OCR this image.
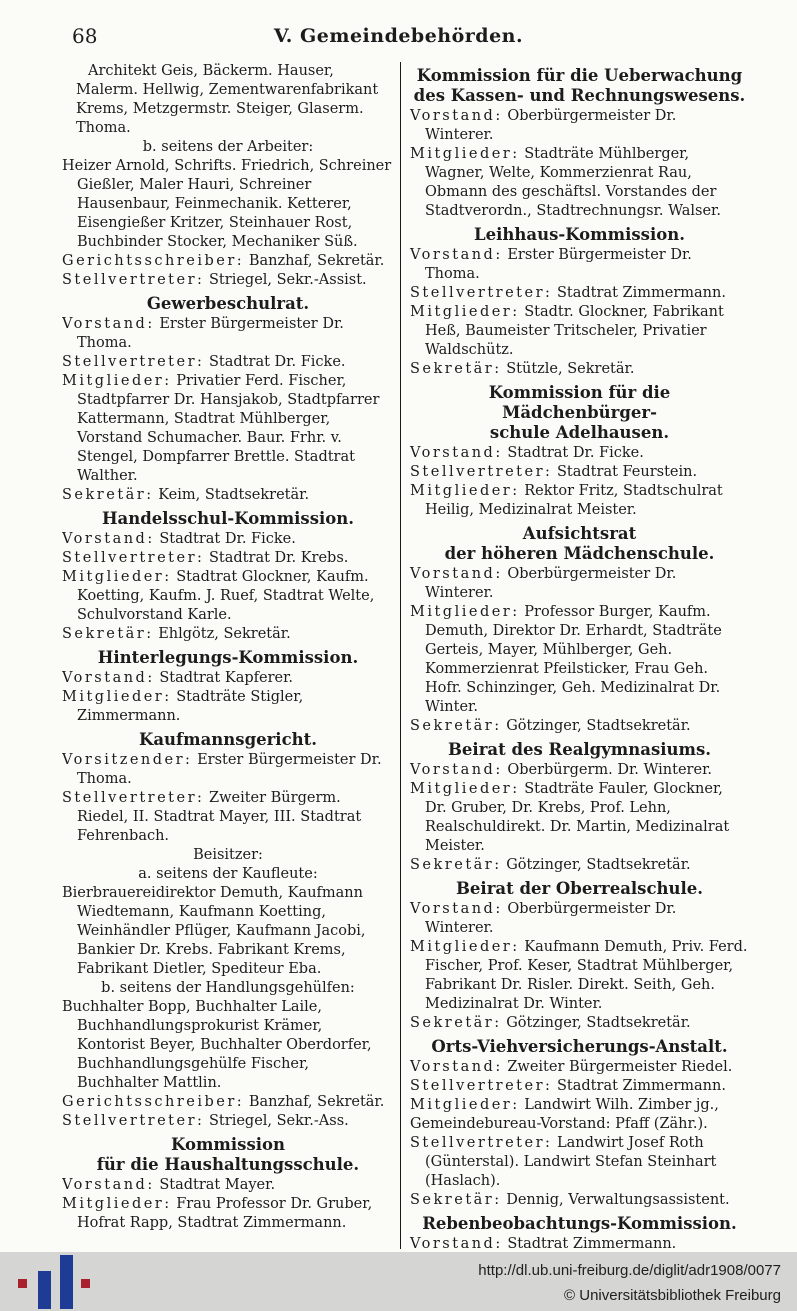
68	V. Gemeindebehörden.

Architekt Geis, Bäckerm. Hauser, Malerm. Hellwig, Zementwarenfabrikant Krems, Metzgermstr. Steiger, Glaserm. Thoma.

b. seitens der Arbeiter:

Heizer Arnold, Schrifts. Friedrich, Schreiner Gießler, Maler Hauri, Schreiner Hausenbaur, Feinmechanik. Ketterer, Eisengießer Kritzer, Steinhauer Rost, Buchbinder Stocker, Mechaniker Süß.

Gerichtsschreiber: Banzhaf, Sekretär.

Stellvertreter: Striegel, Sekr.-Assist.

Gewerbeschulrat.

Vorstand: Erster Bürgermeister Dr. Thoma.

Stellvertreter: Stadtrat Dr. Ficke.

Mitglieder: Privatier Ferd. Fischer, Stadtpfarrer Dr. Hansjakob, Stadtpfarrer Kattermann, Stadtrat Mühlberger, Vorstand Schumacher. Baur. Frhr. v. Stengel, Dompfarrer Brettle. Stadtrat Walther.

Sekretär: Keim, Stadtsekretär.

Handelsschul-Kommission.

Vorstand: Stadtrat Dr. Ficke.

Stellvertreter: Stadtrat Dr. Krebs.

Mitglieder: Stadtrat Glockner, Kaufm. Koetting, Kaufm. J. Ruef, Stadtrat Welte, Schulvorstand Karle.

Sekretär: Ehlgötz, Sekretär.

Hinterlegungs-Kommission.

Vorstand: Stadtrat Kapferer.

Mitglieder: Stadträte Stigler, Zimmermann.

Kaufmannsgericht.

Vorsitzender: Erster Bürgermeister Dr. Thoma.

Stellvertreter: Zweiter Bürgerm. Riedel, II. Stadtrat Mayer, III. Stadtrat Fehrenbach.

Beisitzer:
a. seitens der Kaufleute:

Bierbrauereidirektor Demuth, Kaufmann Wiedtemann, Kaufmann Koetting, Weinhändler Pflüger, Kaufmann Jacobi, Bankier Dr. Krebs. Fabrikant Krems, Fabrikant Dietler, Spediteur Eba.

b. seitens der Handlungsgehülfen:

Buchhalter Bopp, Buchhalter Laile, Buchhandlungsprokurist Krämer, Kontorist Beyer, Buchhalter Oberdorfer, Buchhandlungsgehülfe Fischer, Buchhalter Mattlin.

Gerichtsschreiber: Banzhaf, Sekretär.

Stellvertreter: Striegel, Sekr.-Ass.

Kommission
für die Haushaltungsschule.

Vorstand: Stadtrat Mayer.

Mitglieder: Frau Professor Dr. Gruber, Hofrat Rapp, Stadtrat Zimmermann.

Kommission für die Ueberwachung
des Kassen- und Rechnungswesens.

Vorstand: Oberbürgermeister Dr. Winterer.

Mitglieder: Stadträte Mühlberger, Wagner, Welte, Kommerzienrat Rau, Obmann des geschäftsl. Vorstandes der Stadtverordn., Stadtrechnungsr. Walser.

Leihhaus-Kommission.

Vorstand: Erster Bürgermeister Dr. Thoma.

Stellvertreter: Stadtrat Zimmermann.

Mitglieder: Stadtr. Glockner, Fabrikant Heß, Baumeister Tritscheler, Privatier Waldschütz.

Sekretär: Stützle, Sekretär.

Kommission für die Mädchenbürger-
schule Adelhausen.

Vorstand: Stadtrat Dr. Ficke.

Stellvertreter: Stadtrat Feurstein.

Mitglieder: Rektor Fritz, Stadtschulrat Heilig, Medizinalrat Meister.

Aufsichtsrat
der höheren Mädchenschule.

Vorstand: Oberbürgermeister Dr. Winterer.

Mitglieder: Professor Burger, Kaufm. Demuth, Direktor Dr. Erhardt, Stadträte Gerteis, Mayer, Mühlberger, Geh. Kommerzienrat Pfeilsticker, Frau Geh. Hofr. Schinzinger, Geh. Medizinalrat Dr. Winter.

Sekretär: Götzinger, Stadtsekretär.

Beirat des Realgymnasiums.

Vorstand: Oberbürgerm. Dr. Winterer.

Mitglieder: Stadträte Fauler, Glockner, Dr. Gruber, Dr. Krebs, Prof. Lehn, Realschuldirekt. Dr. Martin, Medizinalrat Meister.

Sekretär: Götzinger, Stadtsekretär.

Beirat der Oberrealschule.

Vorstand: Oberbürgermeister Dr. Winterer.

Mitglieder: Kaufmann Demuth, Priv. Ferd. Fischer, Prof. Keser, Stadtrat Mühlberger, Fabrikant Dr. Risler. Direkt. Seith, Geh. Medizinalrat Dr. Winter.

Sekretär: Götzinger, Stadtsekretär.

Orts-Viehversicherungs-Anstalt.

Vorstand: Zweiter Bürgermeister Riedel.

Stellvertreter: Stadtrat Zimmermann.

Mitglieder: Landwirt Wilh. Zimber jg.,

Gemeindebureau-Vorstand: Pfaff (Zähr.).

Stellvertreter: Landwirt Josef Roth (Günterstal). Landwirt Stefan Steinhart (Haslach).

Sekretär: Dennig, Verwaltungsassistent.

Rebenbeobachtungs-Kommission.

Vorstand: Stadtrat Zimmermann.

http://dl.ub.uni-freiburg.de/diglit/adr1908/0077
© Universitätsbibliothek Freiburg
